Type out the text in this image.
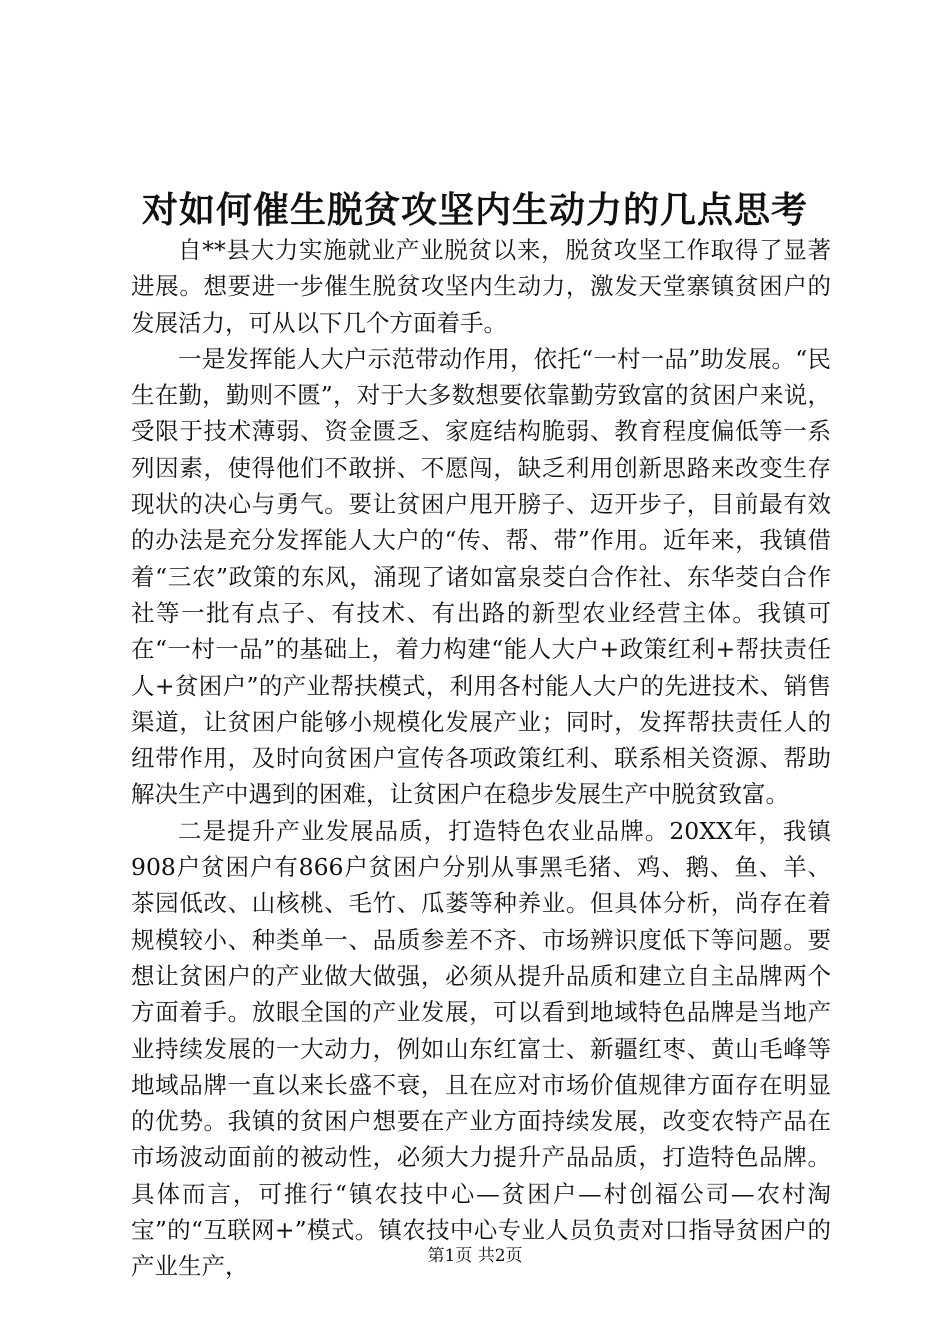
对如何催生脱贫攻坚内生动力的几点思考

自**县大力实施就业产业脱贫以来，脱贫攻坚工作取得了显著进展。想要进一步催生脱贫攻坚内生动力，激发天堂寨镇贫困户的发展活力，可从以下几个方面着手。

一是发挥能人大户示范带动作用，依托“一村一品”助发展。“民生在勤，勤则不匮”，对于大多数想要依靠勤劳致富的贫困户来说，受限于技术薄弱、资金匮乏、家庭结构脆弱、教育程度偏低等一系列因素，使得他们不敢拼、不愿闯，缺乏利用创新思路来改变生存现状的决心与勇气。要让贫困户甩开膀子、迈开步子，目前最有效的办法是充分发挥能人大户的“传、帮、带”作用。近年来，我镇借着“三农”政策的东风，涌现了诸如富泉茭白合作社、东华茭白合作社等一批有点子、有技术、有出路的新型农业经营主体。我镇可在“一村一品”的基础上，着力构建“能人大户+政策红利+帮扶责任人+贫困户”的产业帮扶模式，利用各村能人大户的先进技术、销售渠道，让贫困户能够小规模化发展产业；同时，发挥帮扶责任人的纽带作用，及时向贫困户宣传各项政策红利、联系相关资源、帮助解决生产中遇到的困难，让贫困户在稳步发展生产中脱贫致富。

二是提升产业发展品质，打造特色农业品牌。20XX年，我镇908户贫困户有866户贫困户分别从事黑毛猪、鸡、鹅、鱼、羊、茶园低改、山核桃、毛竹、瓜蒌等种养业。但具体分析，尚存在着规模较小、种类单一、品质参差不齐、市场辨识度低下等问题。要想让贫困户的产业做大做强，必须从提升品质和建立自主品牌两个方面着手。放眼全国的产业发展，可以看到地域特色品牌是当地产业持续发展的一大动力，例如山东红富士、新疆红枣、黄山毛峰等地域品牌一直以来长盛不衰，且在应对市场价值规律方面存在明显的优势。我镇的贫困户想要在产业方面持续发展，改变农特产品在市场波动面前的被动性，必须大力提升产品品质，打造特色品牌。具体而言，可推行“镇农技中心—贫困户—村创福公司—农村淘宝”的“互联网+”模式。镇农技中心专业人员负责对口指导贫困户的产业生产，	第1页 共2页
